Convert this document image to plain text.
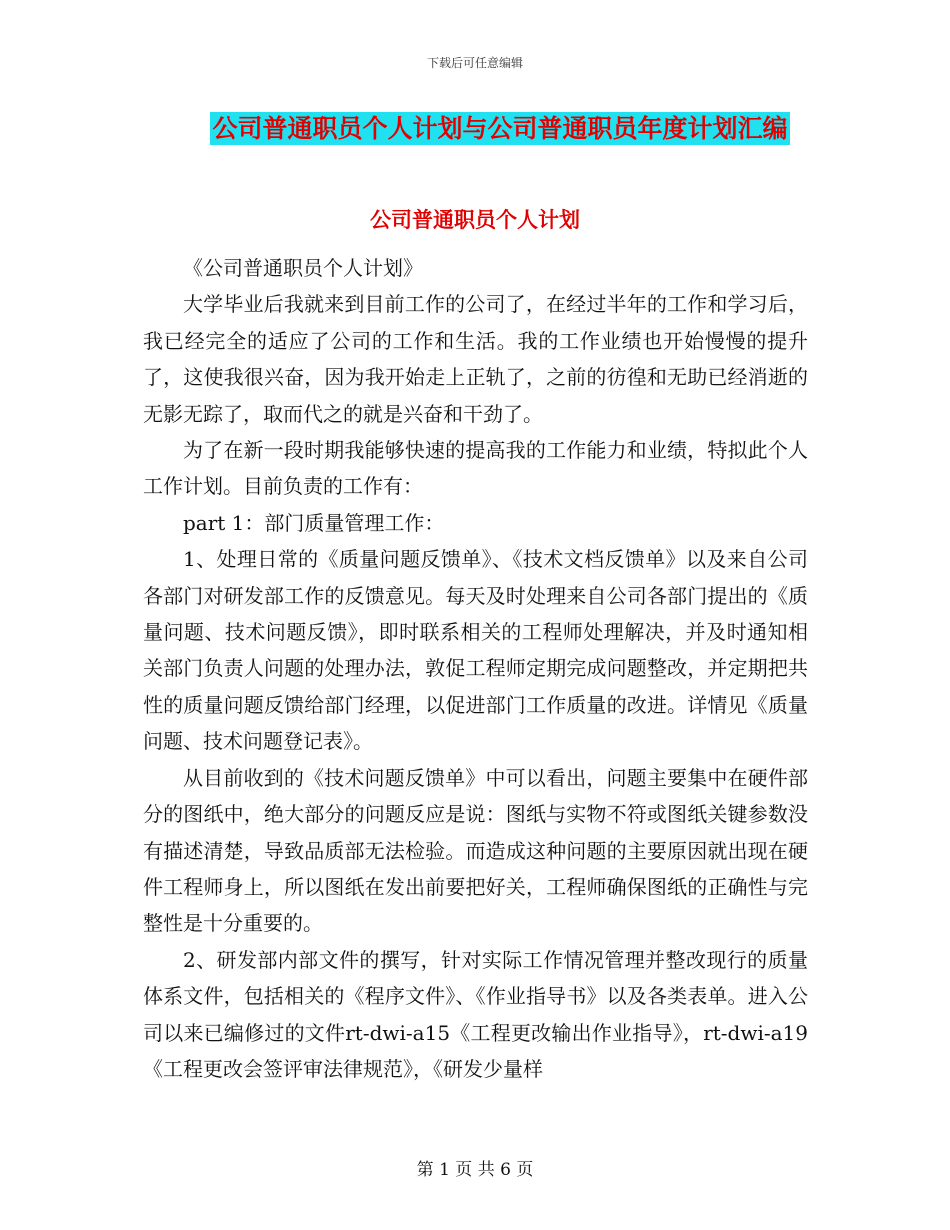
下载后可任意编辑
公司普通职员个人计划与公司普通职员年度计划汇编
公司普通职员个人计划

《公司普通职员个人计划》

大学毕业后我就来到目前工作的公司了，在经过半年的工作和学习后，我已经完全的适应了公司的工作和生活。我的工作业绩也开始慢慢的提升了，这使我很兴奋，因为我开始走上正轨了，之前的彷徨和无助已经消逝的无影无踪了，取而代之的就是兴奋和干劲了。

为了在新一段时期我能够快速的提高我的工作能力和业绩，特拟此个人工作计划。目前负责的工作有：

part 1：部门质量管理工作：

1、处理日常的《质量问题反馈单》、《技术文档反馈单》以及来自公司各部门对研发部工作的反馈意见。每天及时处理来自公司各部门提出的《质量问题、技术问题反馈》，即时联系相关的工程师处理解决，并及时通知相关部门负责人问题的处理办法，敦促工程师定期完成问题整改，并定期把共性的质量问题反馈给部门经理，以促进部门工作质量的改进。详情见《质量问题、技术问题登记表》。

从目前收到的《技术问题反馈单》中可以看出，问题主要集中在硬件部分的图纸中，绝大部分的问题反应是说：图纸与实物不符或图纸关键参数没有描述清楚，导致品质部无法检验。而造成这种问题的主要原因就出现在硬件工程师身上，所以图纸在发出前要把好关，工程师确保图纸的正确性与完整性是十分重要的。

2、研发部内部文件的撰写，针对实际工作情况管理并整改现行的质量体系文件，包括相关的《程序文件》、《作业指导书》以及各类表单。进入公司以来已编修过的文件rt-dwi-a15《工程更改输出作业指导》，rt-dwi-a19《工程更改会签评审法律规范》，《研发少量样

第 1 页 共 6 页
